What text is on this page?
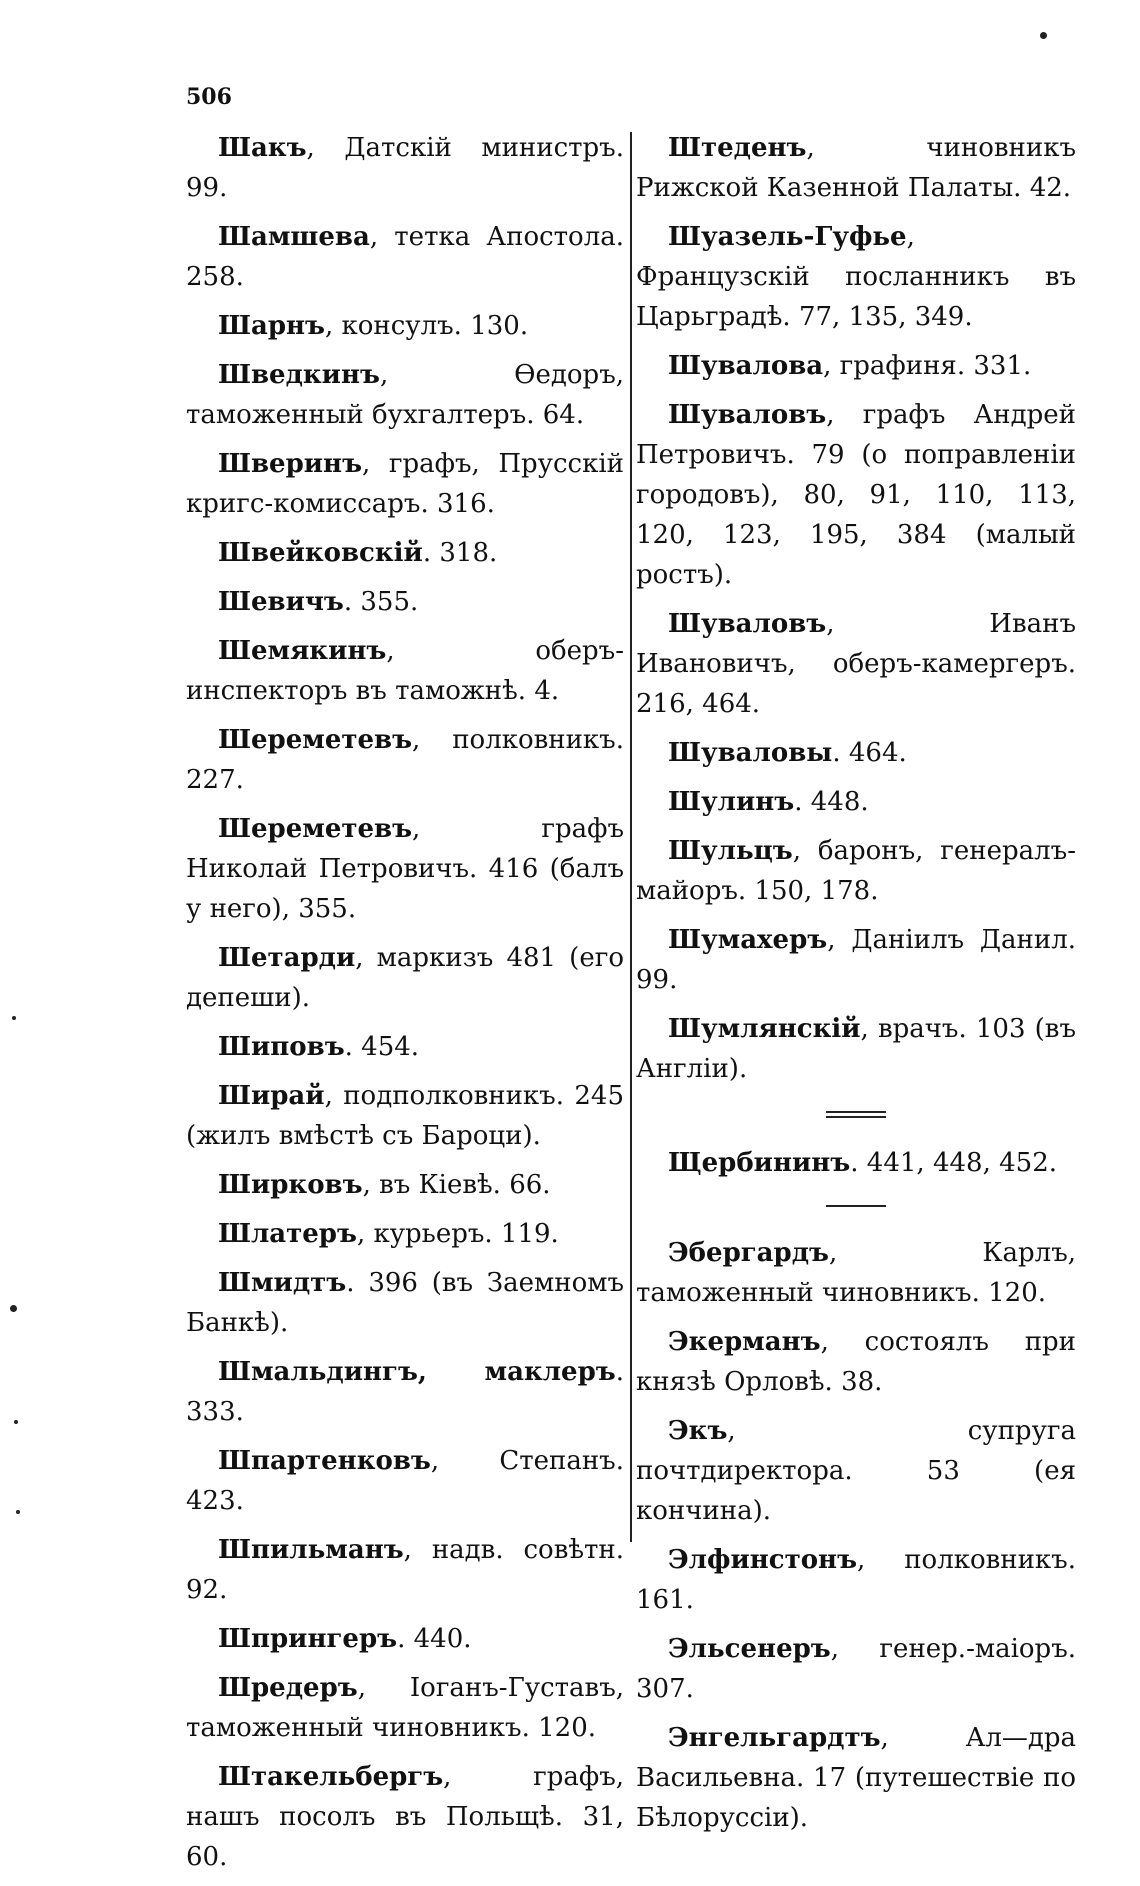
506
Шакъ, Датскій министръ. 99.
Шамшева, тетка Апостола. 258.
Шарнъ, консулъ. 130.
Шведкинъ, Өедоръ, таможенный бухгалтеръ. 64.
Шверинъ, графъ, Прусскій кригс-комиссаръ. 316.
Швейковскій. 318.
Шевичъ. 355.
Шемякинъ, оберъ-инспекторъ въ таможнѣ. 4.
Шереметевъ, полковникъ. 227.
Шереметевъ, графъ Николай Петровичъ. 416 (балъ у него), 355.
Шетарди, маркизъ 481 (его депеши).
Шиповъ. 454.
Ширай, подполковникъ. 245 (жилъ вмѣстѣ съ Бароци).
Ширковъ, въ Кіевѣ. 66.
Шлатеръ, курьеръ. 119.
Шмидтъ. 396 (въ Заемномъ Банкѣ).
Шмальдингъ, маклеръ. 333.
Шпартенковъ, Степанъ. 423.
Шпильманъ, надв. совѣтн. 92.
Шпрингеръ. 440.
Шредеръ, Іоганъ-Густавъ, таможенный чиновникъ. 120.
Штакельбергъ, графъ, нашъ посолъ въ Польщѣ. 31, 60.
Штеденъ, чиновникъ Рижской Казенной Палаты. 42.
Шуазель-Гуфье, Французскій посланникъ въ Царьградѣ. 77, 135, 349.
Шувалова, графиня. 331.
Шуваловъ, графъ Андрей Петровичъ. 79 (о поправленіи городовъ), 80, 91, 110, 113, 120, 123, 195, 384 (малый ростъ).
Шуваловъ, Иванъ Ивановичъ, оберъ-камергеръ. 216, 464.
Шуваловы. 464.
Шулинъ. 448.
Шульцъ, баронъ, генералъ-майоръ. 150, 178.
Шумахеръ, Даніилъ Данил. 99.
Шумлянскій, врачъ. 103 (въ Англіи).
Щербининъ. 441, 448, 452.
Эбергардъ, Карлъ, таможенный чиновникъ. 120.
Экерманъ, состоялъ при князѣ Орловѣ. 38.
Экъ, супруга почтдиректора. 53 (ея кончина).
Элфинстонъ, полковникъ. 161.
Эльсенеръ, генер.-маіоръ. 307.
Энгельгардтъ, Ал—дра Васильевна. 17 (путешествіе по Бѣлоруссіи).
